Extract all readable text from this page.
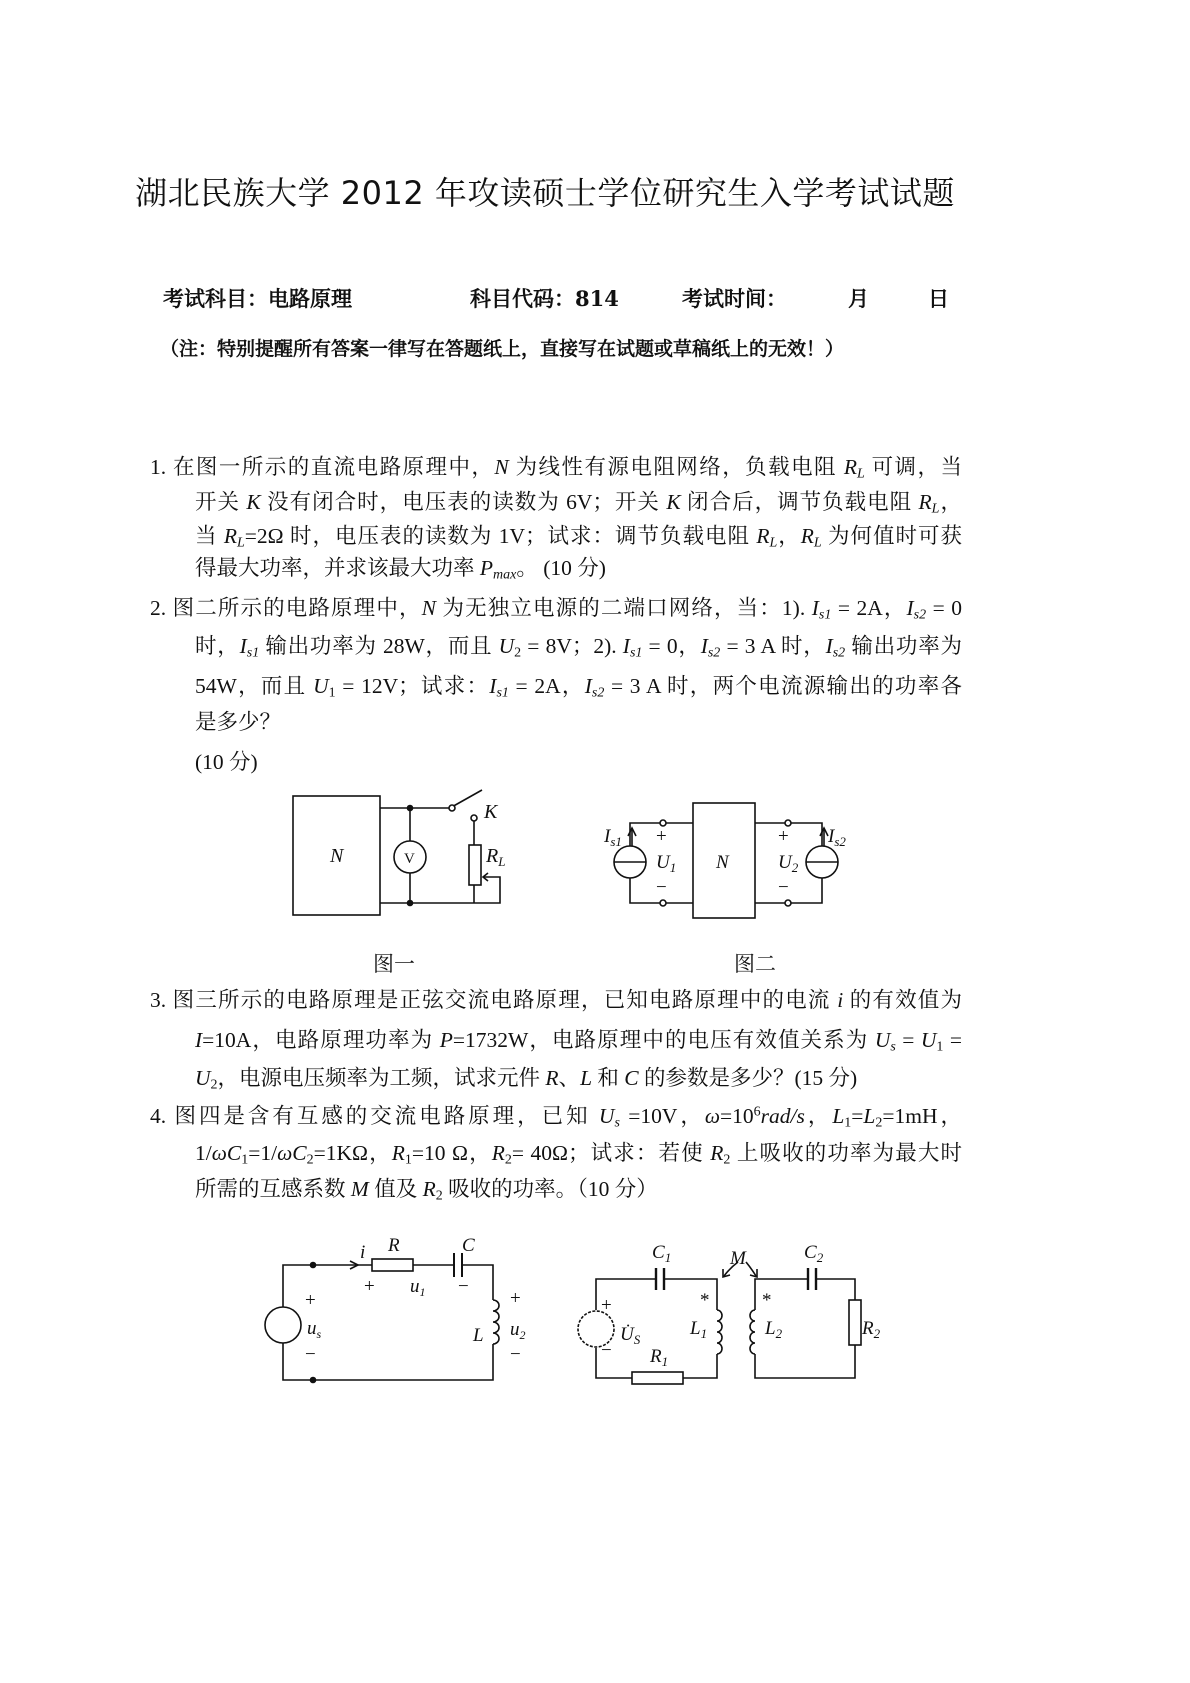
湖北民族大学 2012 年攻读硕士学位研究生入学考试试题
考试科目：电路原理	科目代码：814	考试时间：	月	日
（注：特别提醒所有答案一律写在答题纸上，直接写在试题或草稿纸上的无效！）
1. 在图一所示的直流电路原理中，N 为线性有源电阻网络，负载电阻 $R_L$ 可调，当
开关 K 没有闭合时，电压表的读数为 6V；开关 K 闭合后，调节负载电阻 $R_L$，
当 $R_L=2\Omega$ 时，电压表的读数为 1V；试求：调节负载电阻 $R_L$，$R_L$ 为何值时可获
得最大功率，并求该最大功率 $P_{max}$。 (10 分)
2. 图二所示的电路原理中，N 为无独立电源的二端口网络，当：1). $I_{s1} = 2A$，$I_{s2} = 0$
时，$I_{s1}$ 输出功率为 28W，而且 $U_2 = 8V$；2). $I_{s1} = 0$，$I_{s2} = 3$ A 时，$I_{s2}$ 输出功率为
54W，而且 $U_1 = 12V$；试求：$I_{s1} = 2A$，$I_{s2} = 3$ A 时，两个电流源输出的功率各
是多少？
(10 分)
3. 图三所示的电路原理是正弦交流电路原理，已知电路原理中的电流 i 的有效值为
I=10A，电路原理功率为 P=1732W，电路原理中的电压有效值关系为 $U_s = U_1$ =
$U_2$，电源电压频率为工频，试求元件 R、L 和 C 的参数是多少？(15 分)
4. 图四是含有互感的交流电路原理，已知 $U_s =10V$，$\omega=10^6rad/s$，$L_1=L_2=1mH$，
$1/\omega C_1=1/\omega C_2=1K\Omega$，$R_1=10$ Ω，$R_2= 40\Omega$；试求：若使 $R_2$ 上吸收的功率为最大时
所需的互感系数 M 值及 $R_2$ 吸收的功率。（10 分）
N	V
K
$R_L$	N
$I_{s1}$	$I_{s2}$
+
−
$U_1$
+
−
$U_2$
i R	C
L
+
−
$u_s$
+ $u_1$ −
+
$u_2$
−
$C_1$	$C_2$
M
*	*
$L_1$	$L_2$	$R_2$
$R_1$
$U̇_S$
+
−
图一	图二
